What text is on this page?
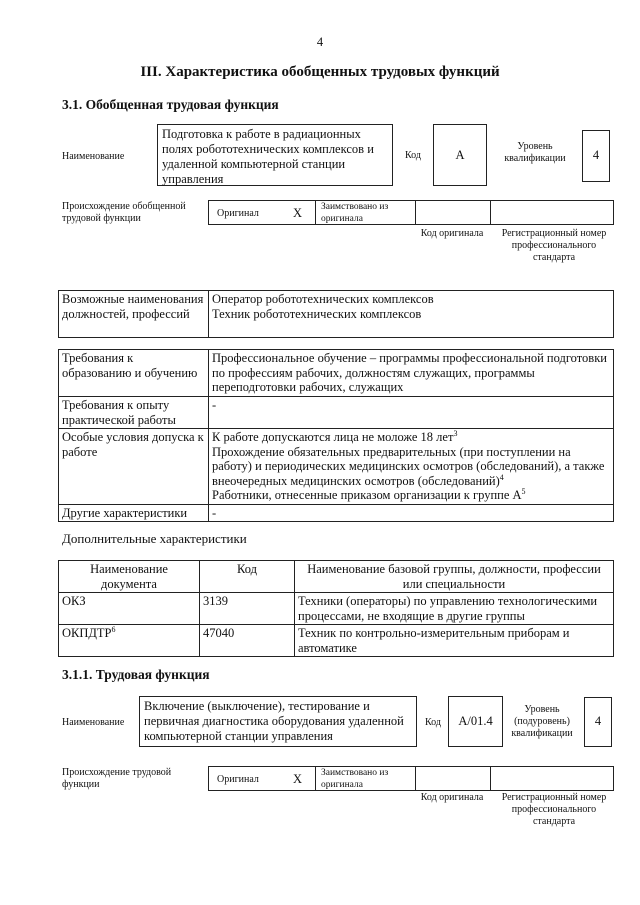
4
III. Характеристика обобщенных трудовых функций
3.1. Обобщенная трудовая функция
Наименование
Подготовка к работе в радиационных полях робототехнических комплексов и удаленной компьютерной станции управления
Код	А
Уровень квалификации	4
Происхождение обобщенной трудовой функции	Оригинал	Х Заимствовано из оригинала
Код оригинала	Регистрационный номер профессионального стандарта
Возможные наименования должностей, профессий	
Оператор робототехнических комплексов
Техник робототехнических комплексов
Требования к образованию и обучению	Профессиональное обучение – программы профессиональной подготовки по профессиям рабочих, должностям служащих, программы переподготовки рабочих, служащих
Требования к опыту практической работы	-
Особые условия допуска к работе	К работе допускаются лица не моложе 18 лет$^3$
Прохождение обязательных предварительных (при поступлении на работу) и периодических медицинских осмотров (обследований), а также внеочередных медицинских осмотров (обследований)$^4$
Работники, отнесенные приказом организации к группе $А^5$

Другие характеристики	-
Дополнительные характеристики
Наименование документа	Код	Наименование базовой группы, должности, профессии или специальности
ОКЗ	3139	Техники (операторы) по управлению технологическими процессами, не входящие в другие группы
ОКПДТР$^6$	47040	Техник по контрольно-измерительным приборам и автоматике
3.1.1. Трудовая функция
Наименование
Включение (выключение), тестирование и первичная диагностика оборудования удаленной компьютерной станции управления
Код	А/01.4
Уровень (подуровень) квалификации
4
Происхождение трудовой функции	Оригинал	Х Заимствовано из оригинала
Код оригинала	Регистрационный номер профессионального стандарта
